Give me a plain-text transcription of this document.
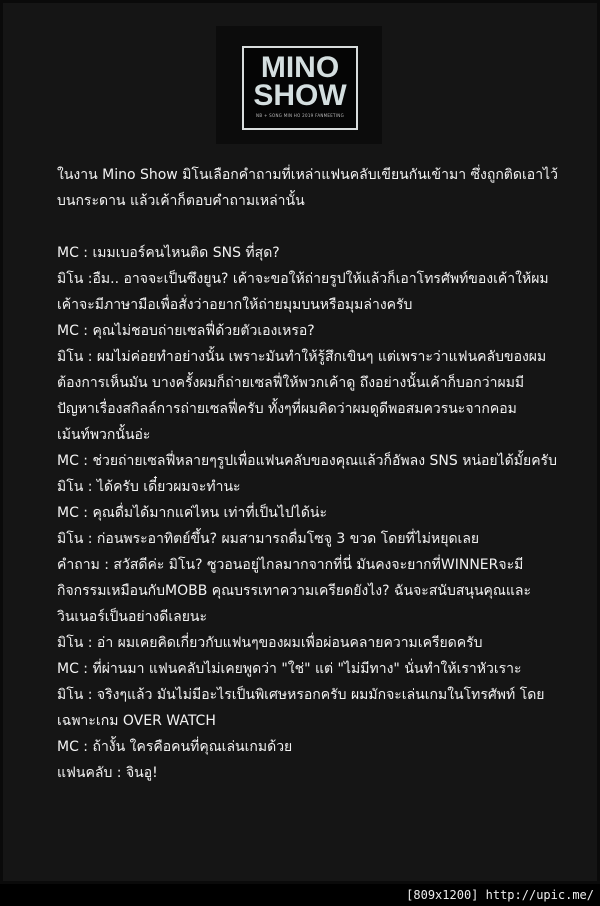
MINO
SHOW
NB + SONG MIN HO 2019 FANMEETING
ในงาน Mino Show มิโนเลือกคำถามที่เหล่าแฟนคลับเขียนกันเข้ามา ซึ่งถูกติดเอาไว้
บนกระดาน แล้วเค้าก็ตอบคำถามเหล่านั้น
MC : เมมเบอร์คนไหนติด SNS ที่สุด?
มิโน :อืม.. อาจจะเป็นซึงยูน? เค้าจะขอให้ถ่ายรูปให้แล้วก็เอาโทรศัพท์ของเค้าให้ผม
เค้าจะมีภาษามือเพื่อสั่งว่าอยากให้ถ่ายมุมบนหรือมุมล่างครับ
MC : คุณไม่ชอบถ่ายเซลฟี่ด้วยตัวเองเหรอ?
มิโน : ผมไม่ค่อยทำอย่างนั้น เพราะมันทำให้รู้สึกเขินๆ แต่เพราะว่าแฟนคลับของผม
ต้องการเห็นมัน บางครั้งผมก็ถ่ายเซลฟี่ให้พวกเค้าดู ถึงอย่างนั้นเค้าก็บอกว่าผมมี
ปัญหาเรื่องสกิลล์การถ่ายเซลฟี่ครับ ทั้งๆที่ผมคิดว่าผมดูดีพอสมควรนะจากคอม
เม้นท์พวกนั้นอ่ะ
MC : ช่วยถ่ายเซลฟี่หลายๆรูปเพื่อแฟนคลับของคุณแล้วก็อัพลง SNS หน่อยได้มั้ยครับ
มิโน : ได้ครับ เดี๋ยวผมจะทำนะ
MC : คุณดื่มได้มากแค่ไหน เท่าที่เป็นไปได้น่ะ
มิโน : ก่อนพระอาทิตย์ขึ้น? ผมสามารถดื่มโซจู 3 ขวด โดยที่ไม่หยุดเลย
คำถาม : สวัสดีค่ะ มิโน? ซูวอนอยู่ไกลมากจากที่นี่ มันคงจะยากที่WINNERจะมี
กิจกรรมเหมือนกับMOBB คุณบรรเทาความเครียดยังไง? ฉันจะสนับสนุนคุณและ
วินเนอร์เป็นอย่างดีเลยนะ
มิโน : อ่า ผมเคยคิดเกี่ยวกับแฟนๆของผมเพื่อผ่อนคลายความเครียดครับ
MC : ที่ผ่านมา แฟนคลับไม่เคยพูดว่า "ใช่" แต่ "ไม่มีทาง" นั่นทำให้เราหัวเราะ
มิโน : จริงๆแล้ว มันไม่มีอะไรเป็นพิเศษหรอกครับ ผมมักจะเล่นเกมในโทรศัพท์ โดย
เฉพาะเกม OVER WATCH
MC : ถ้างั้น ใครคือคนที่คุณเล่นเกมด้วย
แฟนคลับ : จินอู!
[809x1200] http://upic.me/
